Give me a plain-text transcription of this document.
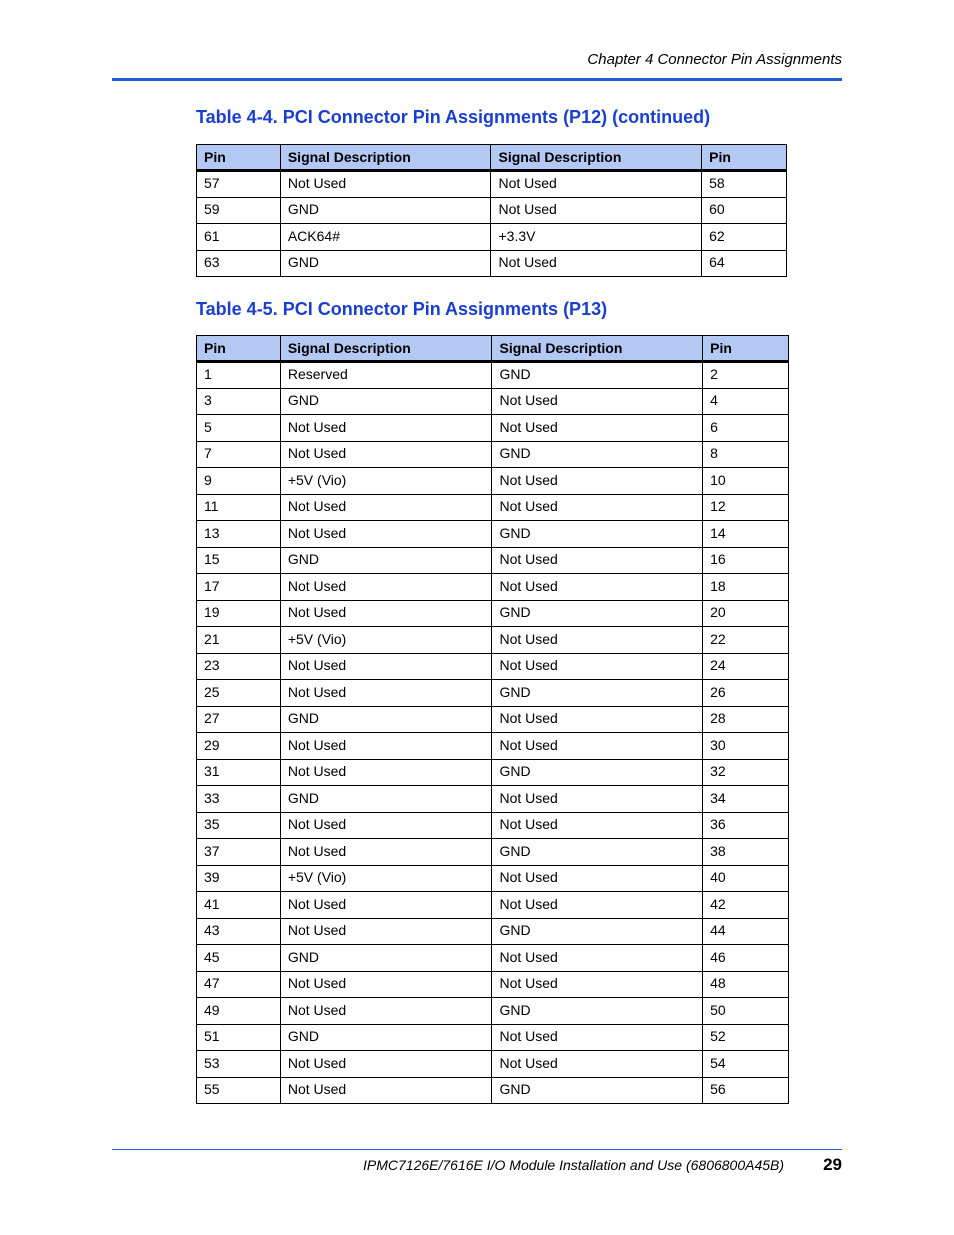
Chapter 4 Connector Pin Assignments
Table 4-4. PCI Connector Pin Assignments (P12) (continued)
Pin	Signal Description	Signal Description	Pin
57	Not Used	Not Used	58
59	GND	Not Used	60
61	ACK64#	+3.3V	62
63	GND	Not Used	64
Table 4-5. PCI Connector Pin Assignments (P13)
Pin	Signal Description	Signal Description	Pin
1	Reserved	GND	2
3	GND	Not Used	4
5	Not Used	Not Used	6
7	Not Used	GND	8
9	+5V (Vio)	Not Used	10
11	Not Used	Not Used	12
13	Not Used	GND	14
15	GND	Not Used	16
17	Not Used	Not Used	18
19	Not Used	GND	20
21	+5V (Vio)	Not Used	22
23	Not Used	Not Used	24
25	Not Used	GND	26
27	GND	Not Used	28
29	Not Used	Not Used	30
31	Not Used	GND	32
33	GND	Not Used	34
35	Not Used	Not Used	36
37	Not Used	GND	38
39	+5V (Vio)	Not Used	40
41	Not Used	Not Used	42
43	Not Used	GND	44
45	GND	Not Used	46
47	Not Used	Not Used	48
49	Not Used	GND	50
51	GND	Not Used	52
53	Not Used	Not Used	54
55	Not Used	GND	56
IPMC7126E/7616E I/O Module Installation and Use (6806800A45B) 29
